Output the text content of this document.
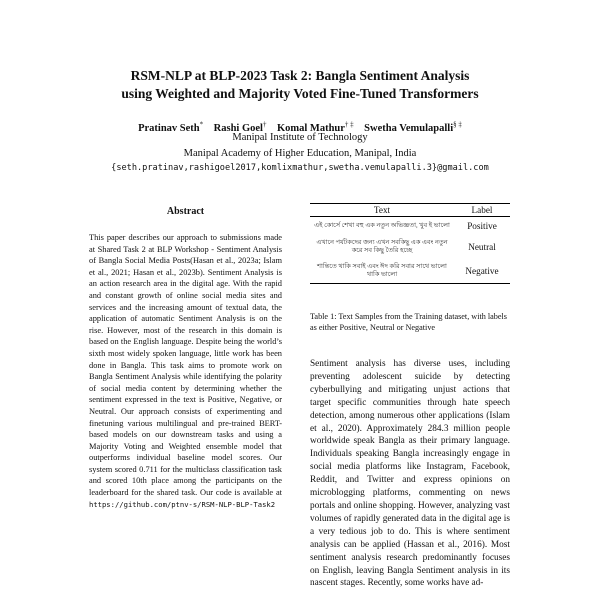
RSM-NLP at BLP-2023 Task 2: Bangla Sentiment Analysis
using Weighted and Majority Voted Fine-Tuned Transformers
Pratinav Seth* Rashi Goel† Komal Mathur† ‡ Swetha Vemulapalli§ ‡
Manipal Institute of Technology
Manipal Academy of Higher Education, Manipal, India
{seth.pratinav,rashigoel2017,komlixmathur,swetha.vemulapalli.3}@gmail.com
Abstract
This paper describes our approach to submissions made at Shared Task 2 at BLP Workshop - Sentiment Analysis of Bangla Social Media Posts(Hasan et al., 2023a; Islam et al., 2021; Hasan et al., 2023b). Sentiment Analysis is an action research area in the digital age. With the rapid and constant growth of online social media sites and services and the increasing amount of textual data, the application of automatic Sentiment Analysis is on the rise. However, most of the research in this domain is based on the English language. Despite being the world’s sixth most widely spoken language, little work has been done in Bangla. This task aims to promote work on Bangla Sentiment Analysis while identifying the polarity of social media content by determining whether the sentiment expressed in the text is Positive, Negative, or Neutral. Our approach consists of experimenting and finetuning various multilingual and pre-trained BERT-based models on our downstream tasks and using a Majority Voting and Weighted ensemble model that outperforms individual baseline model scores. Our system scored 0.711 for the multiclass classification task and scored 10th place among the participants on the leaderboard for the shared task. Our code is available at https://github.com/ptnv-s/RSM-NLP-BLP-Task2
Text	Label
এই কোর্সে শেখা বহু এক নতুন অভিজ্ঞতা, খুব ই ভালো	Positive
এখানে পর্যটকদের জন্য এখন সবকিছু এক এবং নতুন করে সব কিছু তৈরি হচ্ছে	Neutral
শান্তিতে থাকি সবাই এবং ঈদ করি সবার সাথে ভালো থাকি ভালো	Negative
Table 1: Text Samples from the Training dataset, with labels as either Positive, Neutral or Negative
Sentiment analysis has diverse uses, including preventing adolescent suicide by detecting cyberbullying and mitigating unjust actions that target specific communities through hate speech detection, among numerous other applications (Islam et al., 2020). Approximately 284.3 million people worldwide speak Bangla as their primary language. Individuals speaking Bangla increasingly engage in social media platforms like Instagram, Facebook, Reddit, and Twitter and express opinions on microblogging platforms, commenting on news portals and online shopping. However, analyzing vast volumes of rapidly generated data in the digital age is a very tedious job to do. This is where sentiment analysis can be applied (Hassan et al., 2016). Most sentiment analysis research predominantly focuses on English, leaving Bangla Sentiment analysis in its nascent stages. Recently, some works have ad-
